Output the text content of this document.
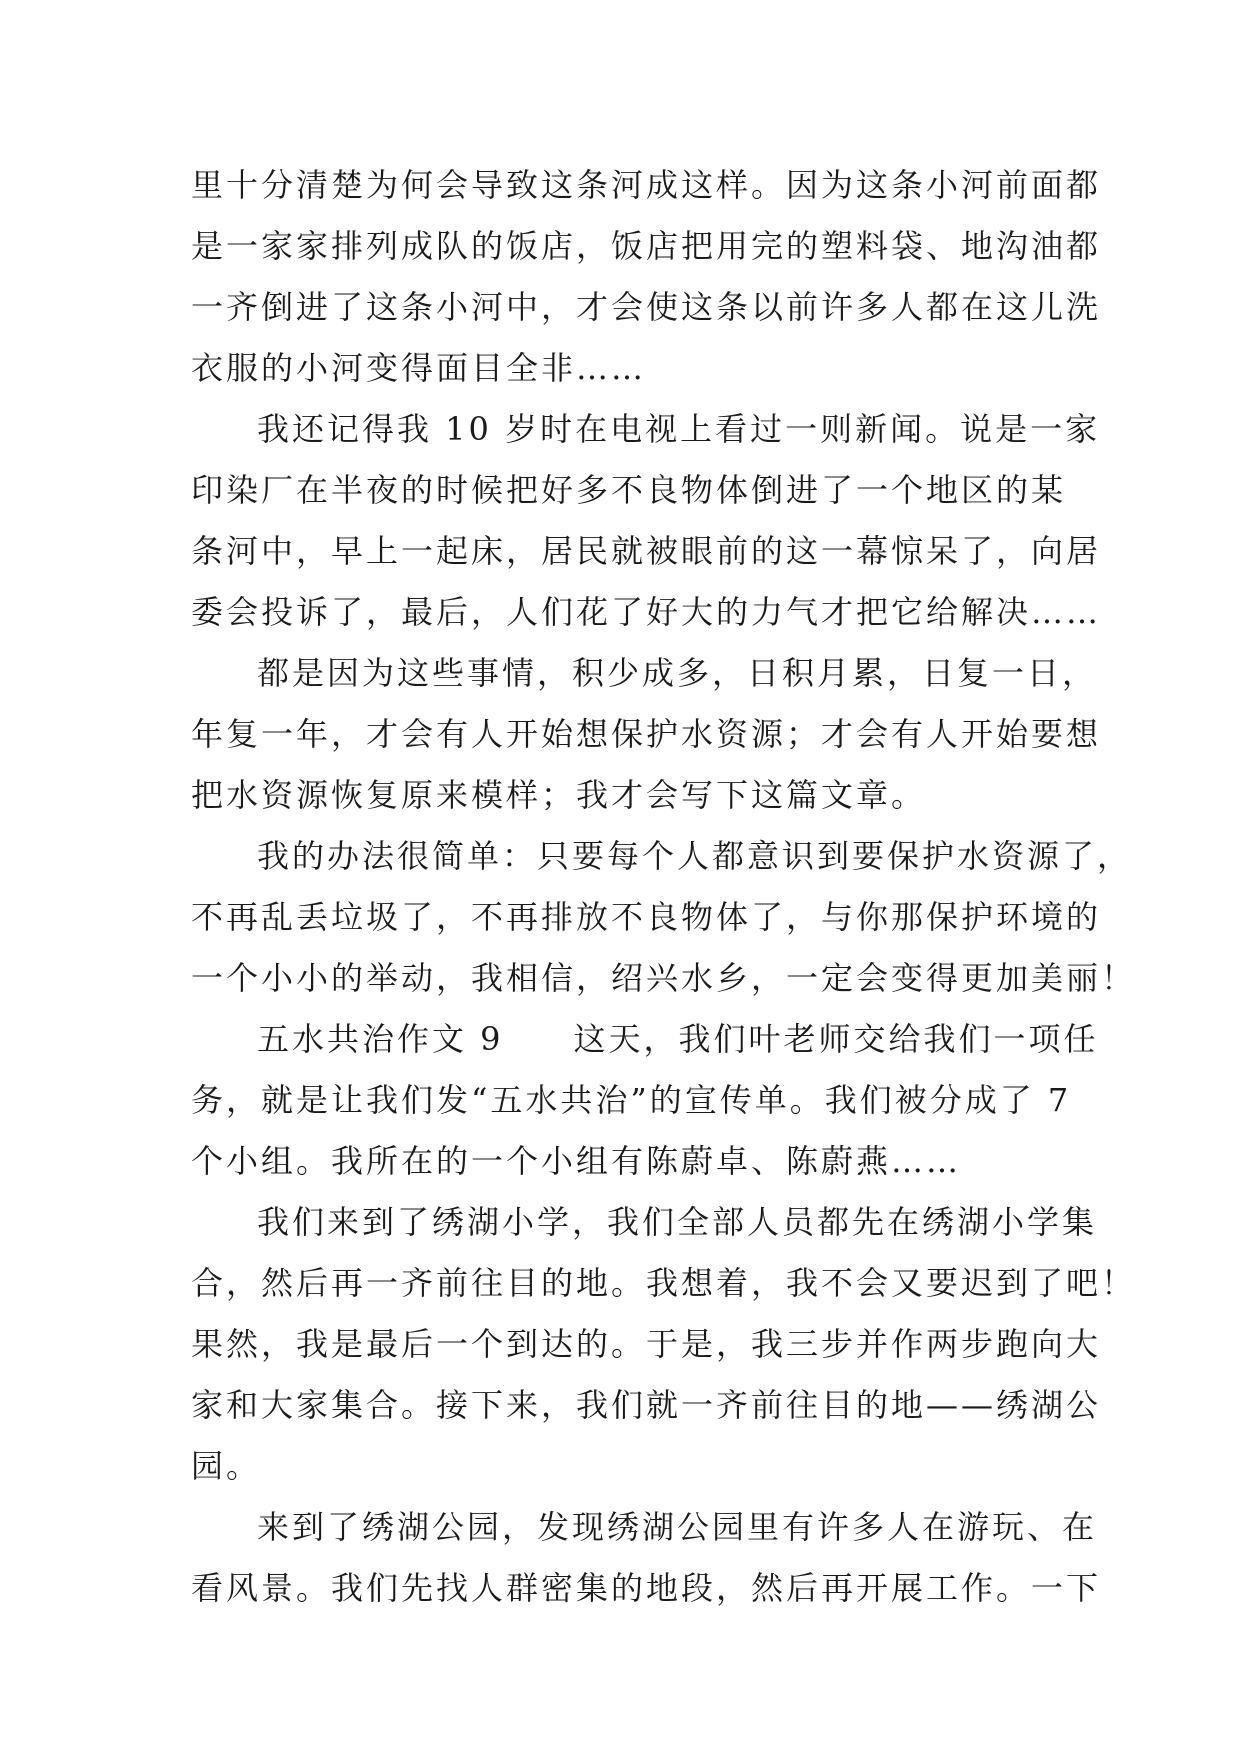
里十分清楚为何会导致这条河成这样。因为这条小河前面都
是一家家排列成队的饭店，饭店把用完的塑料袋、地沟油都
一齐倒进了这条小河中，才会使这条以前许多人都在这儿洗
衣服的小河变得面目全非……
我还记得我 10 岁时在电视上看过一则新闻。说是一家
印染厂在半夜的时候把好多不良物体倒进了一个地区的某
条河中，早上一起床，居民就被眼前的这一幕惊呆了，向居
委会投诉了，最后，人们花了好大的力气才把它给解决……
都是因为这些事情，积少成多，日积月累，日复一日，
年复一年，才会有人开始想保护水资源；才会有人开始要想
把水资源恢复原来模样；我才会写下这篇文章。
我的办法很简单：只要每个人都意识到要保护水资源了，
不再乱丢垃圾了，不再排放不良物体了，与你那保护环境的
一个小小的举动，我相信，绍兴水乡，一定会变得更加美丽！
五水共治作文 9　　这天，我们叶老师交给我们一项任
务，就是让我们发“五水共治”的宣传单。我们被分成了 7
个小组。我所在的一个小组有陈蔚卓、陈蔚燕……
我们来到了绣湖小学，我们全部人员都先在绣湖小学集
合，然后再一齐前往目的地。我想着，我不会又要迟到了吧！
果然，我是最后一个到达的。于是，我三步并作两步跑向大
家和大家集合。接下来，我们就一齐前往目的地——绣湖公
园。
来到了绣湖公园，发现绣湖公园里有许多人在游玩、在
看风景。我们先找人群密集的地段，然后再开展工作。一下
